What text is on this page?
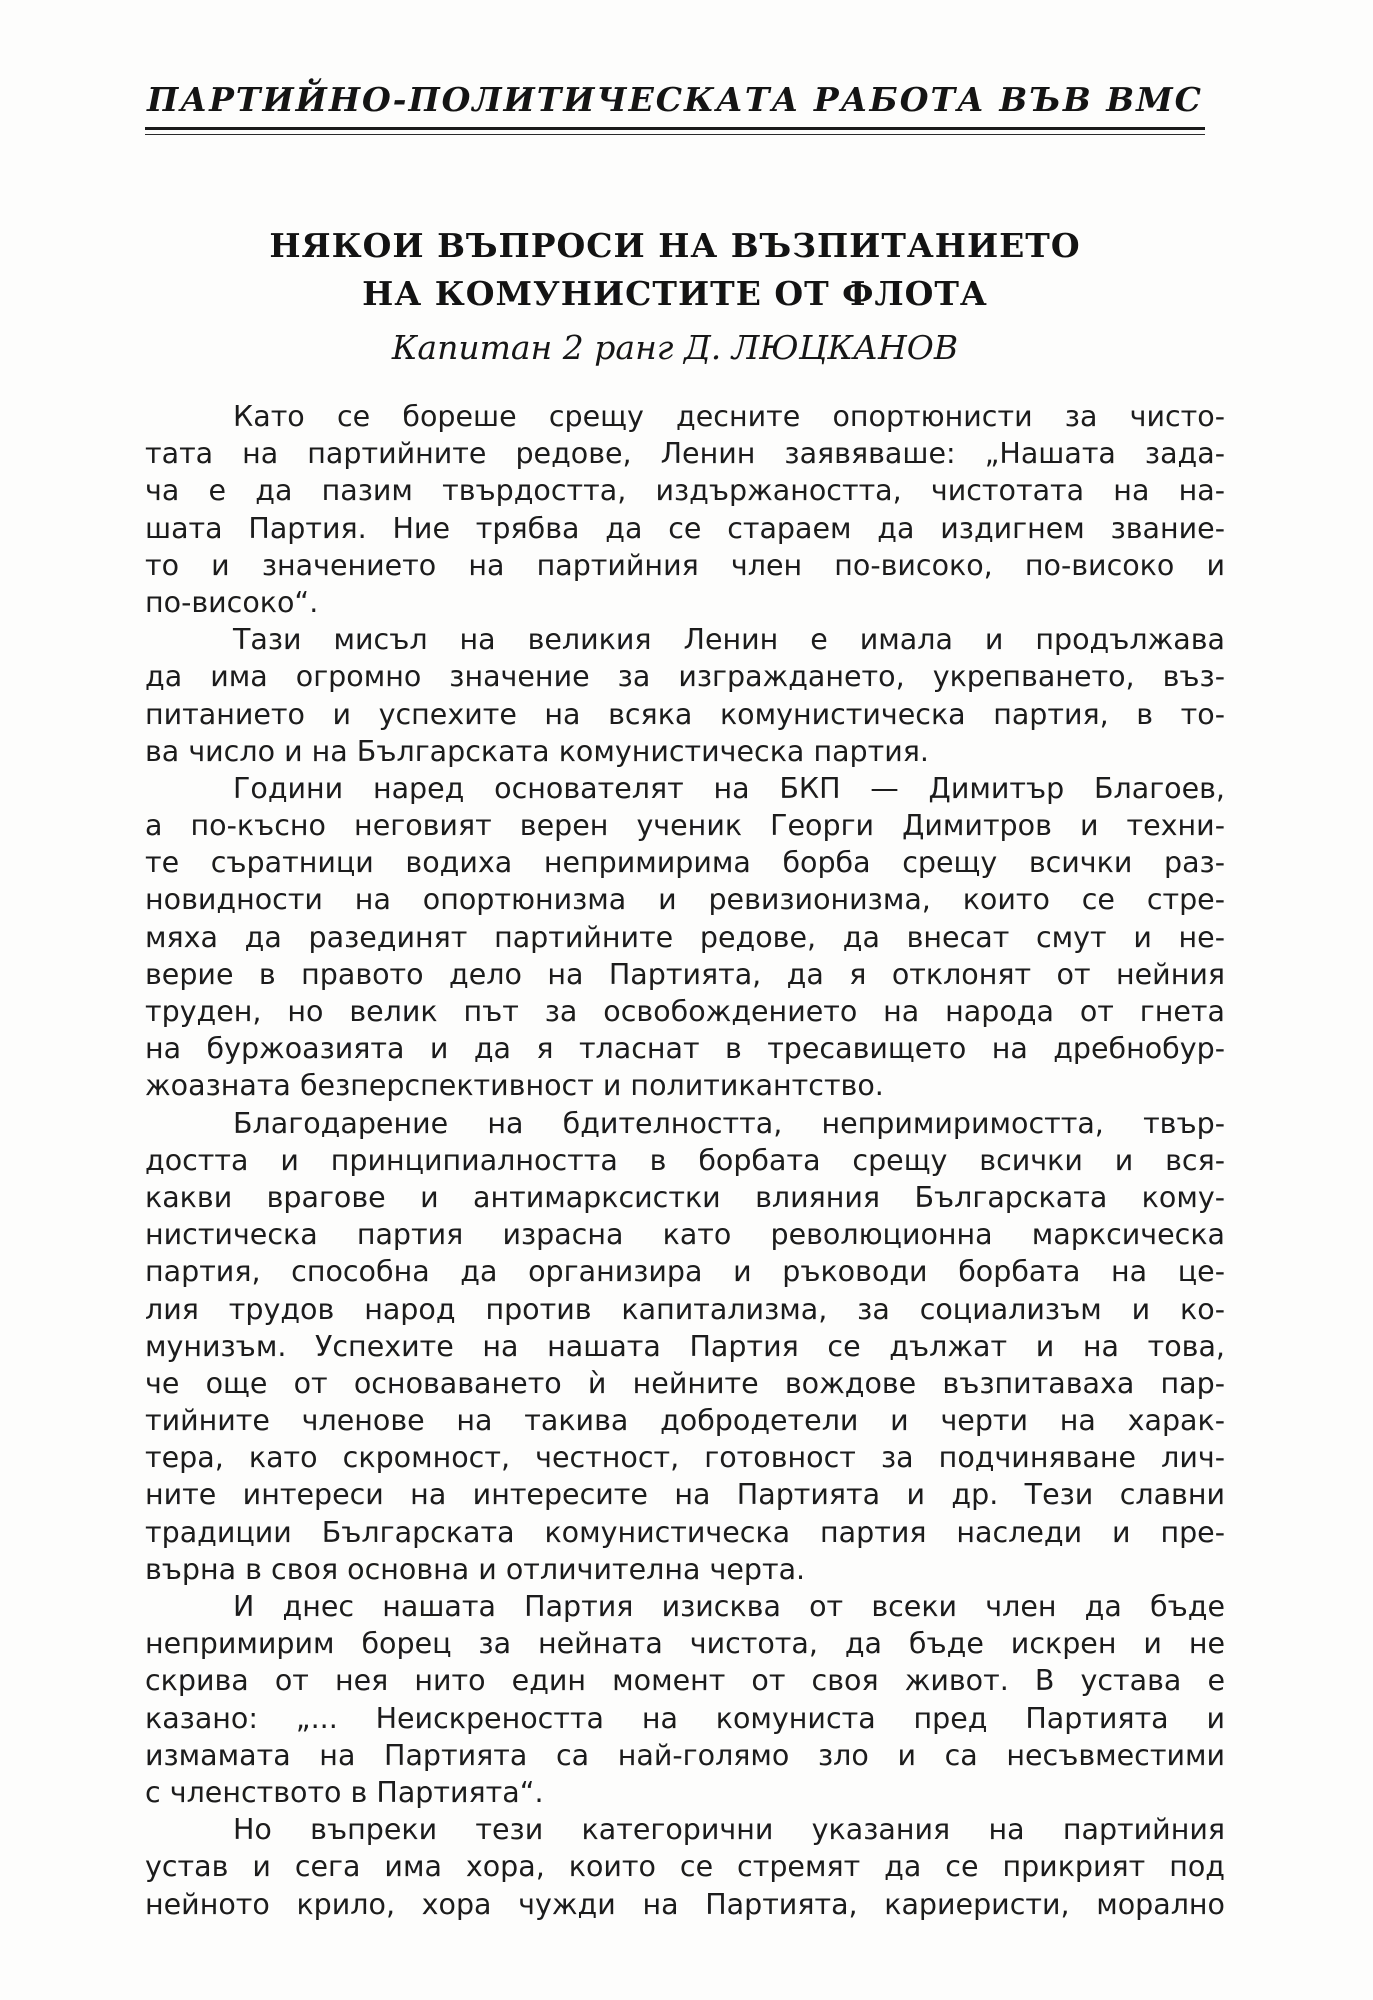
ПАРТИЙНО-ПОЛИТИЧЕСКАТА РАБОТА ВЪВ ВМС
НЯКОИ ВЪПРОСИ НА ВЪЗПИТАНИЕТО
НА КОМУНИСТИТЕ ОТ ФЛОТА
Капитан 2 ранг Д. ЛЮЦКАНОВ
Като се бореше срещу десните опортюнисти за чисто-
тата на партийните редове, Ленин заявяваше: „Нашата зада-
ча е да пазим твърдостта, издържаността, чистотата на на-
шата Партия. Ние трябва да се стараем да издигнем звание-
то и значението на партийния член по-високо, по-високо и
по-високо“.
Тази мисъл на великия Ленин е имала и продължава
да има огромно значение за изграждането, укрепването, въз-
питанието и успехите на всяка комунистическа партия, в то-
ва число и на Българската комунистическа партия.
Години наред основателят на БКП — Димитър Благоев,
а по-късно неговият верен ученик Георги Димитров и техни-
те съратници водиха непримирима борба срещу всички раз-
новидности на опортюнизма и ревизионизма, които се стре-
мяха да разединят партийните редове, да внесат смут и не-
верие в правото дело на Партията, да я отклонят от нейния
труден, но велик път за освобождението на народа от гнета
на буржоазията и да я тласнат в тресавището на дребнобур-
жоазната безперспективност и политикантство.
Благодарение на бдителността, непримиримостта, твър-
достта и принципиалността в борбата срещу всички и вся-
какви врагове и антимарксистки влияния Българската кому-
нистическа партия израсна като революционна марксическа
партия, способна да организира и ръководи борбата на це-
лия трудов народ против капитализма, за социализъм и ко-
мунизъм. Успехите на нашата Партия се дължат и на това,
че още от основаването ѝ нейните вождове възпитаваха пар-
тийните членове на такива добродетели и черти на харак-
тера, като скромност, честност, готовност за подчиняване лич-
ните интереси на интересите на Партията и др. Тези славни
традиции Българската комунистическа партия наследи и пре-
върна в своя основна и отличителна черта.
И днес нашата Партия изисква от всеки член да бъде
непримирим борец за нейната чистота, да бъде искрен и не
скрива от нея нито един момент от своя живот. В устава е
казано: „... Неискреността на комуниста пред Партията и
измамата на Партията са най-голямо зло и са несъвместими
с членството в Партията“.
Но въпреки тези категорични указания на партийния
устав и сега има хора, които се стремят да се прикрият под
нейното крило, хора чужди на Партията, кариеристи, морално
